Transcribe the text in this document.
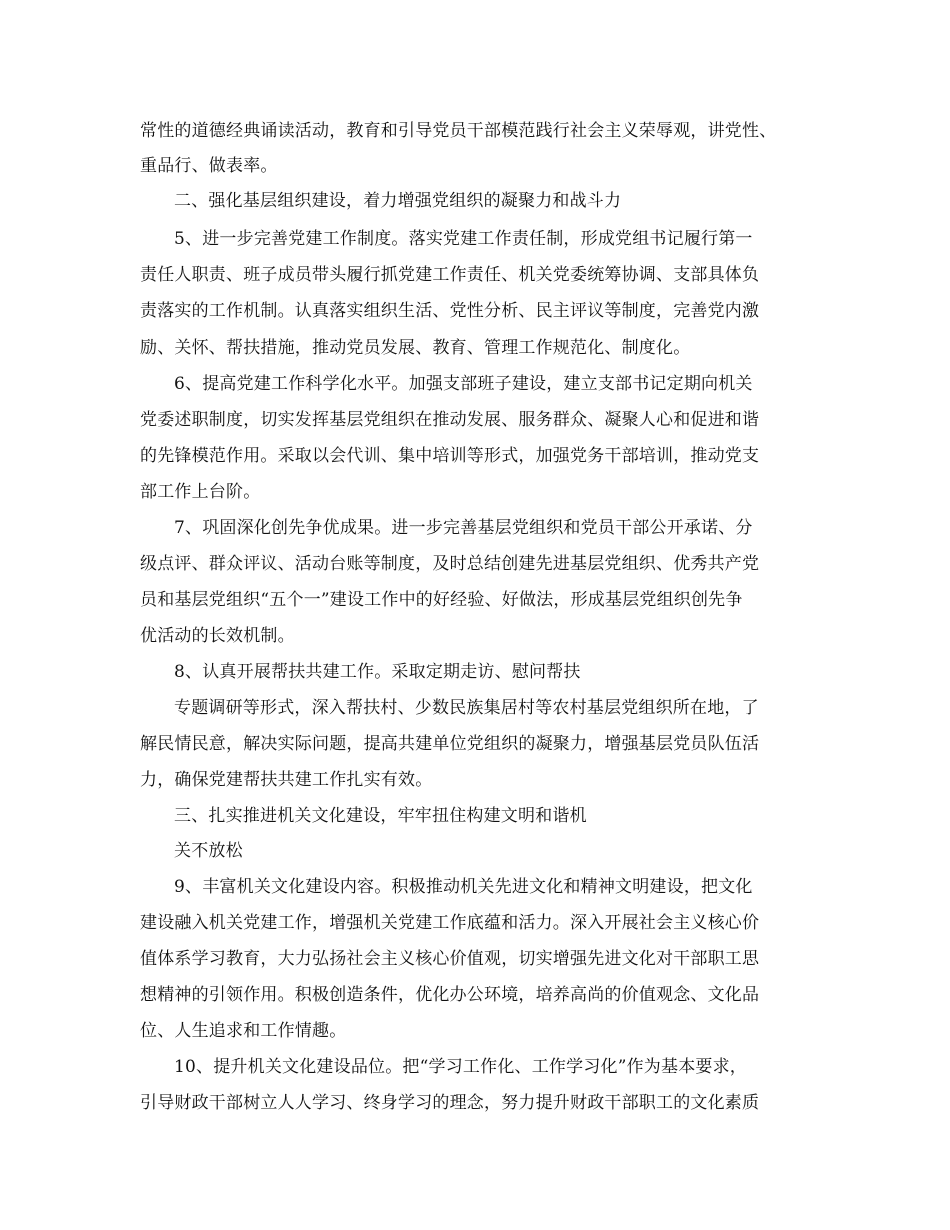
常性的道德经典诵读活动，教育和引导党员干部模范践行社会主义荣辱观，讲党性、
重品行、做表率。
二、强化基层组织建设，着力增强党组织的凝聚力和战斗力
5、进一步完善党建工作制度。落实党建工作责任制，形成党组书记履行第一
责任人职责、班子成员带头履行抓党建工作责任、机关党委统筹协调、支部具体负
责落实的工作机制。认真落实组织生活、党性分析、民主评议等制度，完善党内激
励、关怀、帮扶措施，推动党员发展、教育、管理工作规范化、制度化。
6、提高党建工作科学化水平。加强支部班子建设，建立支部书记定期向机关
党委述职制度，切实发挥基层党组织在推动发展、服务群众、凝聚人心和促进和谐
的先锋模范作用。采取以会代训、集中培训等形式，加强党务干部培训，推动党支
部工作上台阶。
7、巩固深化创先争优成果。进一步完善基层党组织和党员干部公开承诺、分
级点评、群众评议、活动台账等制度，及时总结创建先进基层党组织、优秀共产党
员和基层党组织“五个一”建设工作中的好经验、好做法，形成基层党组织创先争
优活动的长效机制。
8、认真开展帮扶共建工作。采取定期走访、慰问帮扶
专题调研等形式，深入帮扶村、少数民族集居村等农村基层党组织所在地，了
解民情民意，解决实际问题，提高共建单位党组织的凝聚力，增强基层党员队伍活
力，确保党建帮扶共建工作扎实有效。
三、扎实推进机关文化建设，牢牢扭住构建文明和谐机
关不放松
9、丰富机关文化建设内容。积极推动机关先进文化和精神文明建设，把文化
建设融入机关党建工作，增强机关党建工作底蕴和活力。深入开展社会主义核心价
值体系学习教育，大力弘扬社会主义核心价值观，切实增强先进文化对干部职工思
想精神的引领作用。积极创造条件，优化办公环境，培养高尚的价值观念、文化品
位、人生追求和工作情趣。
10、提升机关文化建设品位。把“学习工作化、工作学习化”作为基本要求，
引导财政干部树立人人学习、终身学习的理念，努力提升财政干部职工的文化素质
